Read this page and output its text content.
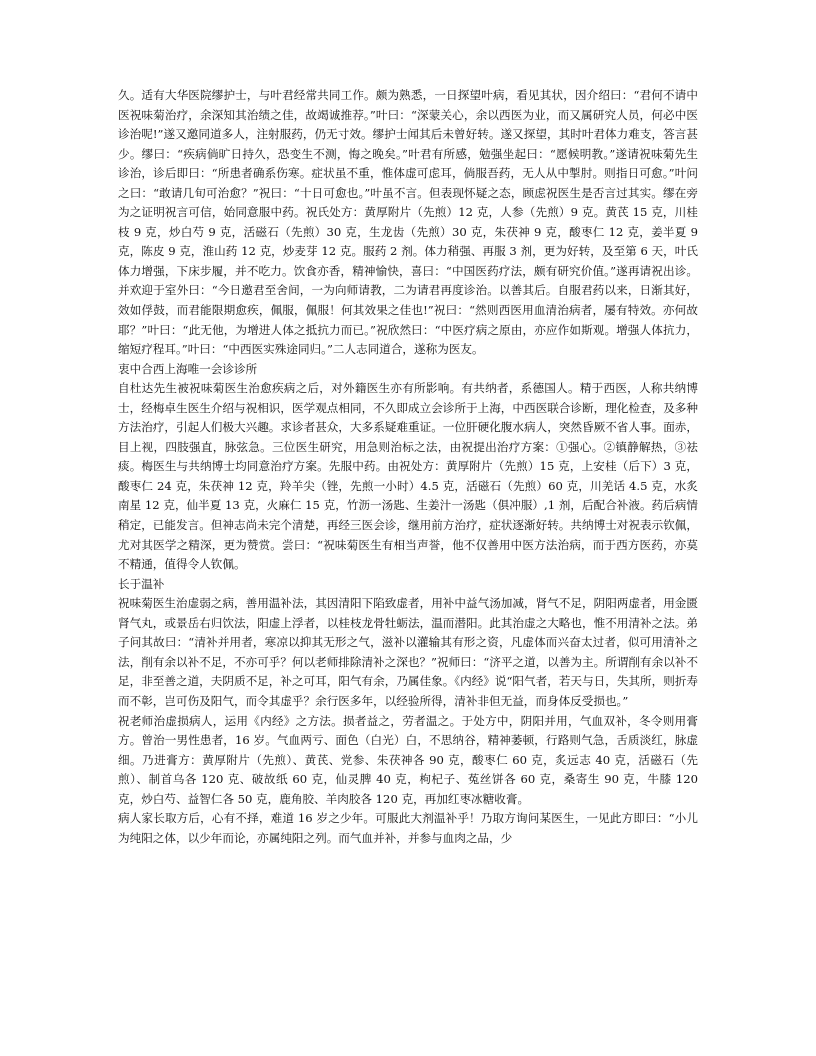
久。适有大华医院缪护士，与叶君经常共同工作。颇为熟悉，一日探望叶病，看见其状，因介绍曰：“君何不请中医祝味菊治疗，余深知其治绩之佳，故竭诚推荐。”叶曰：“深蒙关心，余以西医为业，而又属研究人员，何必中医诊治呢!”遂又邀同道多人，注射服药，仍无寸效。缪护士闻其后未曾好转。遂又探望，其时叶君体力难支，答言甚少。缪曰：“疾病倘旷日持久，恐变生不测，悔之晚矣。”叶君有所感，勉强坐起曰：“愿候明教。”遂请祝味菊先生诊治，诊后即曰：“所患者确系伤寒。症状虽不重，惟体虚可虑耳，倘服吾药，无人从中掣肘。则指日可愈。”叶问之曰：“敢请几旬可治愈？”祝曰：“十日可愈也。”叶虽不言。但表现怀疑之态，顾虑祝医生是否言过其实。缪在旁为之证明祝言可信，始同意服中药。祝氏处方：黄厚附片（先煎）12 克，人参（先煎）9 克。黄芪 15 克，川桂枝 9 克，炒白芍 9 克，活磁石（先煎）30 克，生龙齿（先煎）30 克，朱茯神 9 克，酸枣仁 12 克，姜半夏 9 克，陈皮 9 克，淮山药 12 克，炒麦芽 12 克。服药 2 剂。体力稍强、再服 3 剂，更为好转，及至第 6 天，叶氏体力增强，下床步履，并不吃力。饮食亦香，精神愉快，喜曰：“中国医药疗法，颇有研究价值。”遂再请祝出诊。并欢迎于室外曰：“今日邀君至舍间，一为向师请教，二为请君再度诊治。以善其后。自服君药以来，日渐其好，效如俘鼓，而君能限期愈疾，佩服，佩服！何其效果之佳也!”祝曰：“然则西医用血清治病者，屡有特效。亦何故耶？”叶曰：“此无他，为增进人体之抵抗力而已。”祝欣然曰：“中医疗病之原由，亦应作如斯观。增强人体抗力，缩短疗程耳。”叶曰：“中西医实殊途同归。”二人志同道合，遂称为医友。

衷中合西上海唯一会诊诊所

自杜达先生被祝味菊医生治愈疾病之后，对外籍医生亦有所影响。有共纳者，系德国人。精于西医，人称共纳博士，经梅卓生医生介绍与祝相识，医学观点相同，不久即成立会诊所于上海，中西医联合诊断，理化检查，及多种方法治疗，引起人们极大兴趣。求诊者甚众，大多系疑难重证。一位肝硬化腹水病人，突然昏厥不省人事。面赤，目上视，四肢强直，脉弦急。三位医生研究，用急则治标之法，由祝提出治疗方案：①强心。②镇静解热，③祛痰。梅医生与共纳博士均同意治疗方案。先服中药。由祝处方：黄厚附片（先煎）15 克，上安桂（后下）3 克，酸枣仁 24 克，朱茯神 12 克，羚羊尖（锉，先煎一小时）4.5 克，活磁石（先煎）60 克，川羌话 4.5 克，水炙南星 12 克，仙半夏 13 克，火麻仁 15 克，竹沥一汤匙、生姜汁一汤匙（俱冲服）,1 剂，后配合补液。药后病情稍定，已能发言。但神志尚未完个清楚，再经三医会诊，继用前方治疗，症状逐渐好转。共纳博士对祝表示钦佩，尤对其医学之精深，更为赞赏。尝曰：“祝味菊医生有相当声誉，他不仅善用中医方法治病，而于西方医药，亦莫不精通，值得令人钦佩。

长于温补

祝味菊医生治虚弱之病，善用温补法，其因清阳下陷致虚者，用补中益气汤加减，肾气不足，阴阳两虚者，用金匮肾气丸，或景岳右归饮法，阳虚上浮者，以桂枝龙骨牡蛎法，温而潜阳。此其治虚之大略也，惟不用清补之法。弟子问其故曰：“清补并用者，寒凉以抑其无形之气，滋补以灌输其有形之资，凡虚体而兴奋太过者，似可用清补之法，削有余以补不足，不亦可乎？何以老师排除清补之深也？”祝师曰：“济平之道，以善为主。所谓削有余以补不足，非至善之道，夫阴质不足，补之可耳，阳气有余，乃属佳象。《内经》说“阳气者，若天与日，失其所，则折寿而不彰，岂可伤及阳气，而令其虚乎？余行医多年，以经验所得，清补非但无益，而身体反受损也。”

祝老师治虚损病人，运用《内经》之方法。损者益之，劳者温之。于处方中，阴阳并用，气血双补，冬令则用膏方。曾治一男性患者，16 岁。气血两亏、面色（白光）白，不思纳谷，精神萎顿，行路则气急，舌质淡红，脉虚细。乃进膏方：黄厚附片（先煎）、黄芪、党参、朱茯神各 90 克，酸枣仁 60 克，炙远志 40 克，活磁石（先煎）、制首乌各 120 克、破故纸 60 克，仙灵脾 40 克，枸杞子、菟丝饼各 60 克，桑寄生 90 克，牛膝 120 克，炒白芍、益智仁各 50 克，鹿角胶、羊肉胶各 120 克，再加红枣冰糖收膏。

病人家长取方后，心有不择，难道 16 岁之少年。可服此大剂温补乎！乃取方询问某医生，一见此方即曰：“小儿为纯阳之体，以少年而论，亦属纯阳之列。而气血并补，并参与血肉之品，少
